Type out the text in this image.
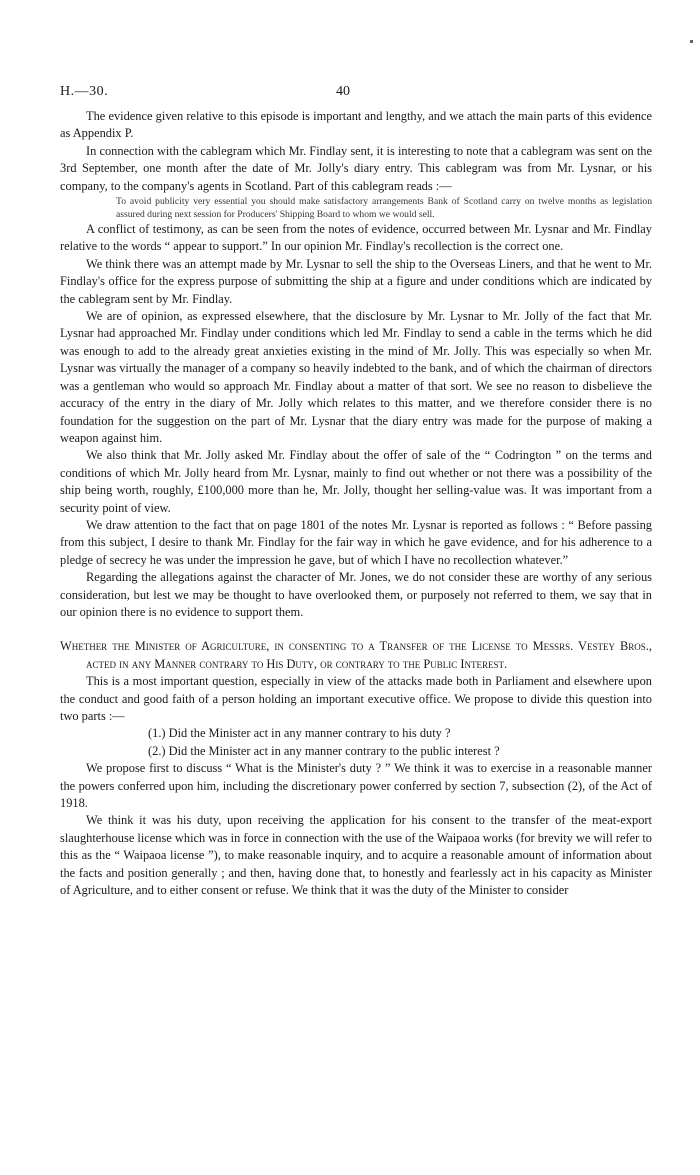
H.—30.	40

The evidence given relative to this episode is important and lengthy, and we attach the main parts of this evidence as Appendix P.

In connection with the cablegram which Mr. Findlay sent, it is interesting to note that a cablegram was sent on the 3rd September, one month after the date of Mr. Jolly's diary entry. This cablegram was from Mr. Lysnar, or his company, to the company's agents in Scotland. Part of this cablegram reads :—

To avoid publicity very essential you should make satisfactory arrangements Bank of Scotland carry on twelve months as legislation assured during next session for Producers' Shipping Board to whom we would sell.

A conflict of testimony, as can be seen from the notes of evidence, occurred between Mr. Lysnar and Mr. Findlay relative to the words “ appear to support.” In our opinion Mr. Findlay's recollection is the correct one.

We think there was an attempt made by Mr. Lysnar to sell the ship to the Overseas Liners, and that he went to Mr. Findlay's office for the express purpose of submitting the ship at a figure and under conditions which are indicated by the cablegram sent by Mr. Findlay.

We are of opinion, as expressed elsewhere, that the disclosure by Mr. Lysnar to Mr. Jolly of the fact that Mr. Lysnar had approached Mr. Findlay under conditions which led Mr. Findlay to send a cable in the terms which he did was enough to add to the already great anxieties existing in the mind of Mr. Jolly. This was especially so when Mr. Lysnar was virtually the manager of a company so heavily indebted to the bank, and of which the chairman of directors was a gentleman who would so approach Mr. Findlay about a matter of that sort. We see no reason to disbelieve the accuracy of the entry in the diary of Mr. Jolly which relates to this matter, and we therefore consider there is no foundation for the suggestion on the part of Mr. Lysnar that the diary entry was made for the purpose of making a weapon against him.

We also think that Mr. Jolly asked Mr. Findlay about the offer of sale of the “ Codrington ” on the terms and conditions of which Mr. Jolly heard from Mr. Lysnar, mainly to find out whether or not there was a possibility of the ship being worth, roughly, £100,000 more than he, Mr. Jolly, thought her selling-value was. It was important from a security point of view.

We draw attention to the fact that on page 1801 of the notes Mr. Lysnar is reported as follows : “ Before passing from this subject, I desire to thank Mr. Findlay for the fair way in which he gave evidence, and for his adherence to a pledge of secrecy he was under the impression he gave, but of which I have no recollection whatever.”

Regarding the allegations against the character of Mr. Jones, we do not consider these are worthy of any serious consideration, but lest we may be thought to have overlooked them, or purposely not referred to them, we say that in our opinion there is no evidence to support them.

Whether the Minister of Agriculture, in consenting to a Transfer of the License to Messrs. Vestey Bros., acted in any Manner contrary to His Duty, or contrary to the Public Interest.

This is a most important question, especially in view of the attacks made both in Parliament and elsewhere upon the conduct and good faith of a person holding an important executive office. We propose to divide this question into two parts :—

(1.) Did the Minister act in any manner contrary to his duty ?

(2.) Did the Minister act in any manner contrary to the public interest ?

We propose first to discuss “ What is the Minister's duty ? ” We think it was to exercise in a reasonable manner the powers conferred upon him, including the discretionary power conferred by section 7, subsection (2), of the Act of 1918.

We think it was his duty, upon receiving the application for his consent to the transfer of the meat-export slaughterhouse license which was in force in connection with the use of the Waipaoa works (for brevity we will refer to this as the “ Waipaoa license ”), to make reasonable inquiry, and to acquire a reasonable amount of information about the facts and position generally ; and then, having done that, to honestly and fearlessly act in his capacity as Minister of Agriculture, and to either consent or refuse. We think that it was the duty of the Minister to consider
